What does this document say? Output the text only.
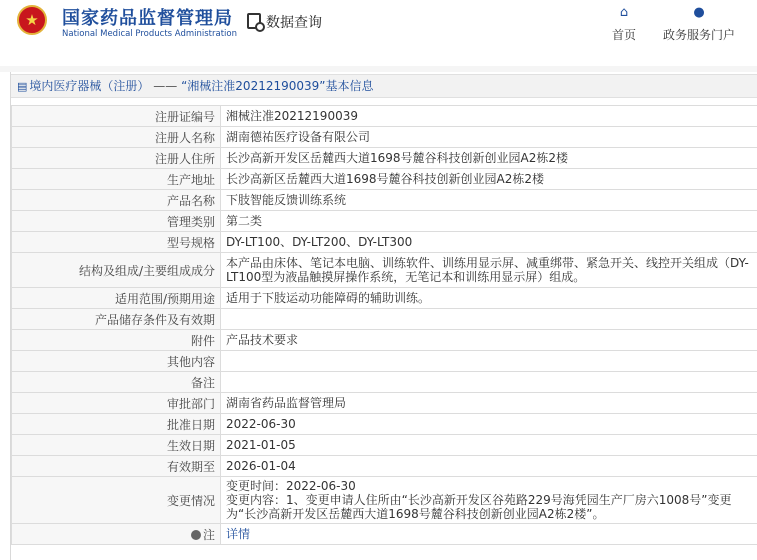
★	国家药品监督管理局
National Medical Products Administration
数据查询
⌂
首页
●
政务服务门户
▤ 境内医疗器械（注册） —— “湘械注准20212190039”基本信息
注册证编号	湘械注准20212190039
注册人名称	湖南德祐医疗设备有限公司
注册人住所	长沙高新开发区岳麓西大道1698号麓谷科技创新创业园A2栋2楼
生产地址	长沙高新区岳麓西大道1698号麓谷科技创新创业园A2栋2楼
产品名称	下肢智能反馈训练系统
管理类别	第二类
型号规格	DY-LT100、DY-LT200、DY-LT300
结构及组成/主要组成成分	本产品由床体、笔记本电脑、训练软件、训练用显示屏、减重绑带、紧急开关、线控开关组成（DY-LT100型为液晶触摸屏操作系统，无笔记本和训练用显示屏）组成。
适用范围/预期用途	适用于下肢运动功能障碍的辅助训练。
产品储存条件及有效期	
附件	产品技术要求
其他内容	
备注	
审批部门	湖南省药品监督管理局
批准日期	2022-06-30
生效日期	2021-01-05
有效期至	2026-01-04
变更情况	变更时间：2022-06-30
变更内容：1、变更申请人住所由“长沙高新开发区谷苑路229号海凭园生产厂房六1008号”变更为“长沙高新开发区岳麓西大道1698号麓谷科技创新创业园A2栋2楼”。

注	详情
